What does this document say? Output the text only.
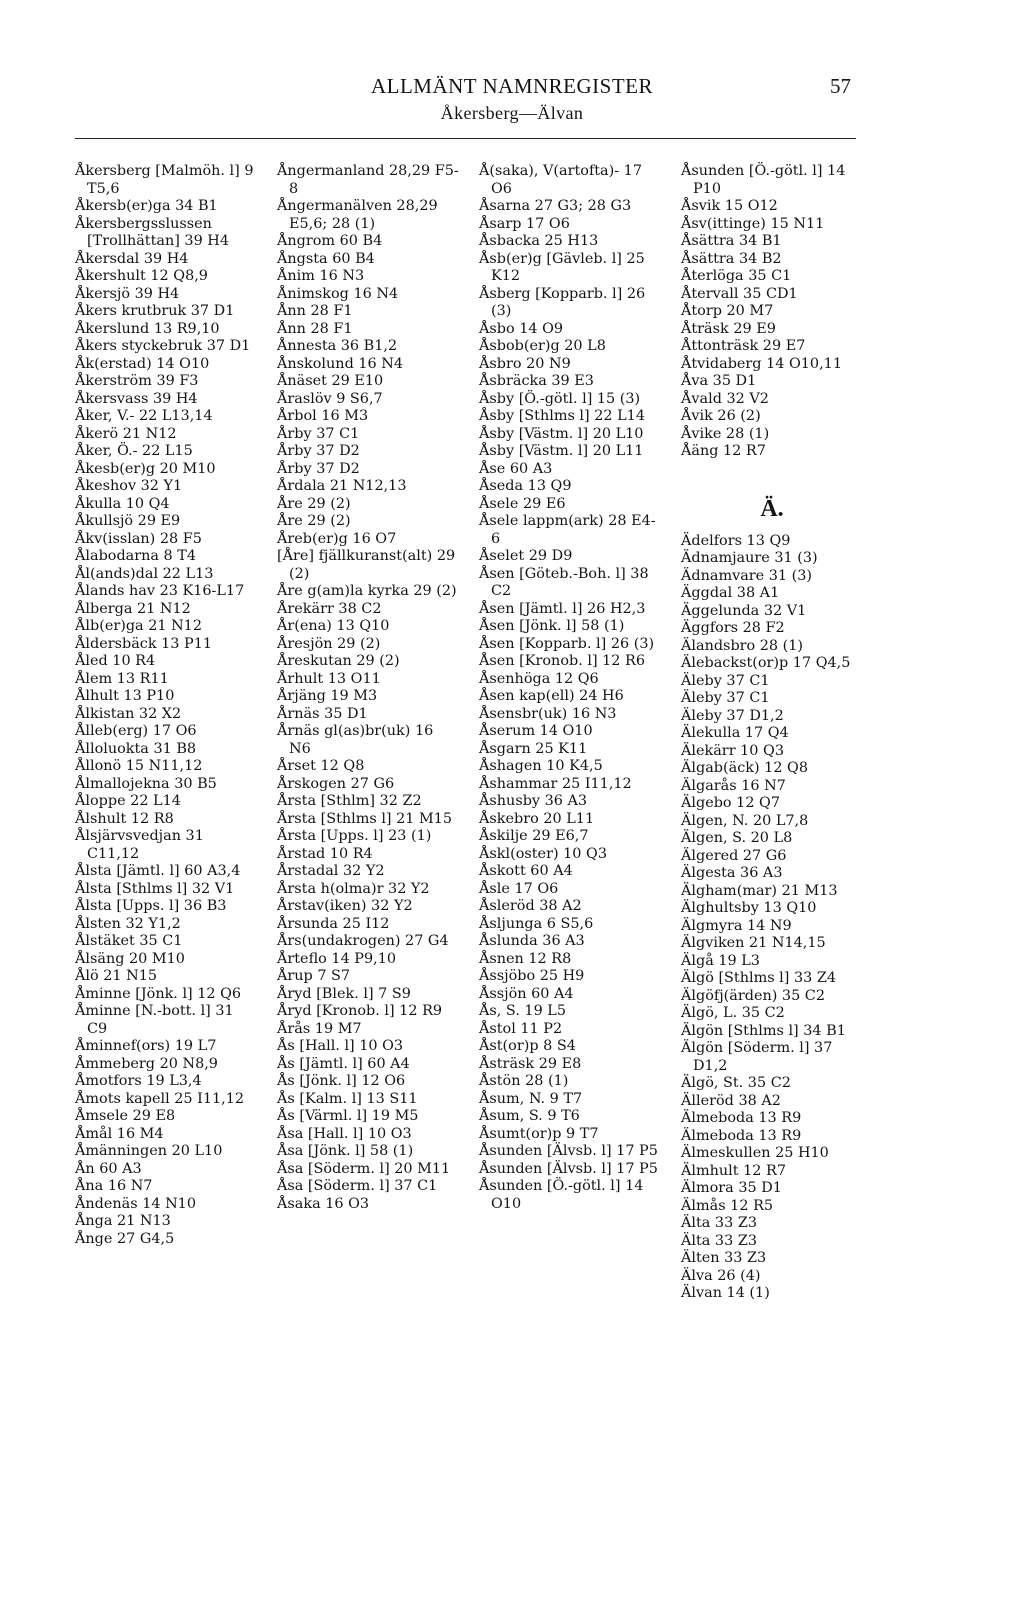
ALLMÄNT NAMNREGISTER	57
Åkersberg—Älvan
Åkersberg [Malmöh. l] 9 T5,6
Åkersb(er)ga 34 B1
Åkersbergsslussen [Trollhättan] 39 H4
Åkersdal 39 H4
Åkershult 12 Q8,9
Åkersjö 39 H4
Åkers krutbruk 37 D1
Åkerslund 13 R9,10
Åkers styckebruk 37 D1
Åk(erstad) 14 O10
Åkerström 39 F3
Åkersvass 39 H4
Åker, V.- 22 L13,14
Åkerö 21 N12
Åker, Ö.- 22 L15
Åkesb(er)g 20 M10
Åkeshov 32 Y1
Åkulla 10 Q4
Åkullsjö 29 E9
Åkv(isslan) 28 F5
Ålabodarna 8 T4
Ål(ands)dal 22 L13
Ålands hav 23 K16-L17
Ålberga 21 N12
Ålb(er)ga 21 N12
Åldersbäck 13 P11
Åled 10 R4
Ålem 13 R11
Ålhult 13 P10
Ålkistan 32 X2
Ålleb(erg) 17 O6
Ålloluokta 31 B8
Ållonö 15 N11,12
Ålmallojekna 30 B5
Åloppe 22 L14
Ålshult 12 R8
Ålsjärvsvedjan 31 C11,12
Ålsta [Jämtl. l] 60 A3,4
Ålsta [Sthlms l] 32 V1
Ålsta [Upps. l] 36 B3
Ålsten 32 Y1,2
Ålstäket 35 C1
Ålsäng 20 M10
Ålö 21 N15
Åminne [Jönk. l] 12 Q6
Åminne [N.-bott. l] 31 C9
Åminnef(ors) 19 L7
Åmmeberg 20 N8,9
Åmotfors 19 L3,4
Åmots kapell 25 I11,12
Åmsele 29 E8
Åmål 16 M4
Åmänningen 20 L10
Ån 60 A3
Åna 16 N7
Åndenäs 14 N10
Ånga 21 N13
Ånge 27 G4,5
Ångermanland 28,29 F5-8
Ångermanälven 28,29 E5,6; 28 (1)
Ångrom 60 B4
Ångsta 60 B4
Ånim 16 N3
Ånimskog 16 N4
Ånn 28 F1
Ånn 28 F1
Ånnesta 36 B1,2
Ånskolund 16 N4
Ånäset 29 E10
Åraslöv 9 S6,7
Årbol 16 M3
Årby 37 C1
Årby 37 D2
Årby 37 D2
Årdala 21 N12,13
Åre 29 (2)
Åre 29 (2)
Åreb(er)g 16 O7
[Åre] fjällkuranst(alt) 29 (2)
Åre g(am)la kyrka 29 (2)
Årekärr 38 C2
År(ena) 13 Q10
Åresjön 29 (2)
Åreskutan 29 (2)
Århult 13 O11
Årjäng 19 M3
Årnäs 35 D1
Årnäs gl(as)br(uk) 16 N6
Årset 12 Q8
Årskogen 27 G6
Årsta [Sthlm] 32 Z2
Årsta [Sthlms l] 21 M15
Årsta [Upps. l] 23 (1)
Årstad 10 R4
Årstadal 32 Y2
Årsta h(olma)r 32 Y2
Årstav(iken) 32 Y2
Årsunda 25 I12
Års(undakrogen) 27 G4
Årteflo 14 P9,10
Årup 7 S7
Åryd [Blek. l] 7 S9
Åryd [Kronob. l] 12 R9
Årås 19 M7
Ås [Hall. l] 10 O3
Ås [Jämtl. l] 60 A4
Ås [Jönk. l] 12 O6
Ås [Kalm. l] 13 S11
Ås [Värml. l] 19 M5
Åsa [Hall. l] 10 O3
Åsa [Jönk. l] 58 (1)
Åsa [Söderm. l] 20 M11
Åsa [Söderm. l] 37 C1
Åsaka 16 O3
Å(saka), V(artofta)- 17 O6
Åsarna 27 G3; 28 G3
Åsarp 17 O6
Åsbacka 25 H13
Åsb(er)g [Gävleb. l] 25 K12
Åsberg [Kopparb. l] 26 (3)
Åsbo 14 O9
Åsbob(er)g 20 L8
Åsbro 20 N9
Åsbräcka 39 E3
Åsby [Ö.-götl. l] 15 (3)
Åsby [Sthlms l] 22 L14
Åsby [Västm. l] 20 L10
Åsby [Västm. l] 20 L11
Åse 60 A3
Åseda 13 Q9
Åsele 29 E6
Åsele lappm(ark) 28 E4-6
Åselet 29 D9
Åsen [Göteb.-Boh. l] 38 C2
Åsen [Jämtl. l] 26 H2,3
Åsen [Jönk. l] 58 (1)
Åsen [Kopparb. l] 26 (3)
Åsen [Kronob. l] 12 R6
Åsenhöga 12 Q6
Åsen kap(ell) 24 H6
Åsensbr(uk) 16 N3
Åserum 14 O10
Åsgarn 25 K11
Åshagen 10 K4,5
Åshammar 25 I11,12
Åshusby 36 A3
Åskebro 20 L11
Åskilje 29 E6,7
Åskl(oster) 10 Q3
Åskott 60 A4
Åsle 17 O6
Åsleröd 38 A2
Åsljunga 6 S5,6
Åslunda 36 A3
Åsnen 12 R8
Åssjöbo 25 H9
Åssjön 60 A4
Ås, S. 19 L5
Åstol 11 P2
Åst(or)p 8 S4
Åsträsk 29 E8
Åstön 28 (1)
Åsum, N. 9 T7
Åsum, S. 9 T6
Åsumt(or)p 9 T7
Åsunden [Älvsb. l] 17 P5
Åsunden [Älvsb. l] 17 P5
Åsunden [Ö.-götl. l] 14 O10
Åsunden [Ö.-götl. l] 14 P10
Åsvik 15 O12
Åsv(ittinge) 15 N11
Åsättra 34 B1
Åsättra 34 B2
Återlöga 35 C1
Återvall 35 CD1
Åtorp 20 M7
Åträsk 29 E9
Åttonträsk 29 E7
Åtvidaberg 14 O10,11
Åva 35 D1
Åvald 32 V2
Åvik 26 (2)
Åvike 28 (1)
Åäng 12 R7
Ä.
Ädelfors 13 Q9
Ädnamjaure 31 (3)
Ädnamvare 31 (3)
Äggdal 38 A1
Äggelunda 32 V1
Äggfors 28 F2
Älandsbro 28 (1)
Älebackst(or)p 17 Q4,5
Äleby 37 C1
Äleby 37 C1
Äleby 37 D1,2
Älekulla 17 Q4
Älekärr 10 Q3
Älgab(äck) 12 Q8
Älgarås 16 N7
Älgebo 12 Q7
Älgen, N. 20 L7,8
Älgen, S. 20 L8
Älgered 27 G6
Älgesta 36 A3
Älgham(mar) 21 M13
Älghultsby 13 Q10
Älgmyra 14 N9
Älgviken 21 N14,15
Älgå 19 L3
Älgö [Sthlms l] 33 Z4
Älgöfj(ärden) 35 C2
Älgö, L. 35 C2
Älgön [Sthlms l] 34 B1
Älgön [Söderm. l] 37 D1,2
Älgö, St. 35 C2
Älleröd 38 A2
Älmeboda 13 R9
Älmeboda 13 R9
Älmeskullen 25 H10
Älmhult 12 R7
Älmora 35 D1
Älmås 12 R5
Älta 33 Z3
Älta 33 Z3
Älten 33 Z3
Älva 26 (4)
Älvan 14 (1)
